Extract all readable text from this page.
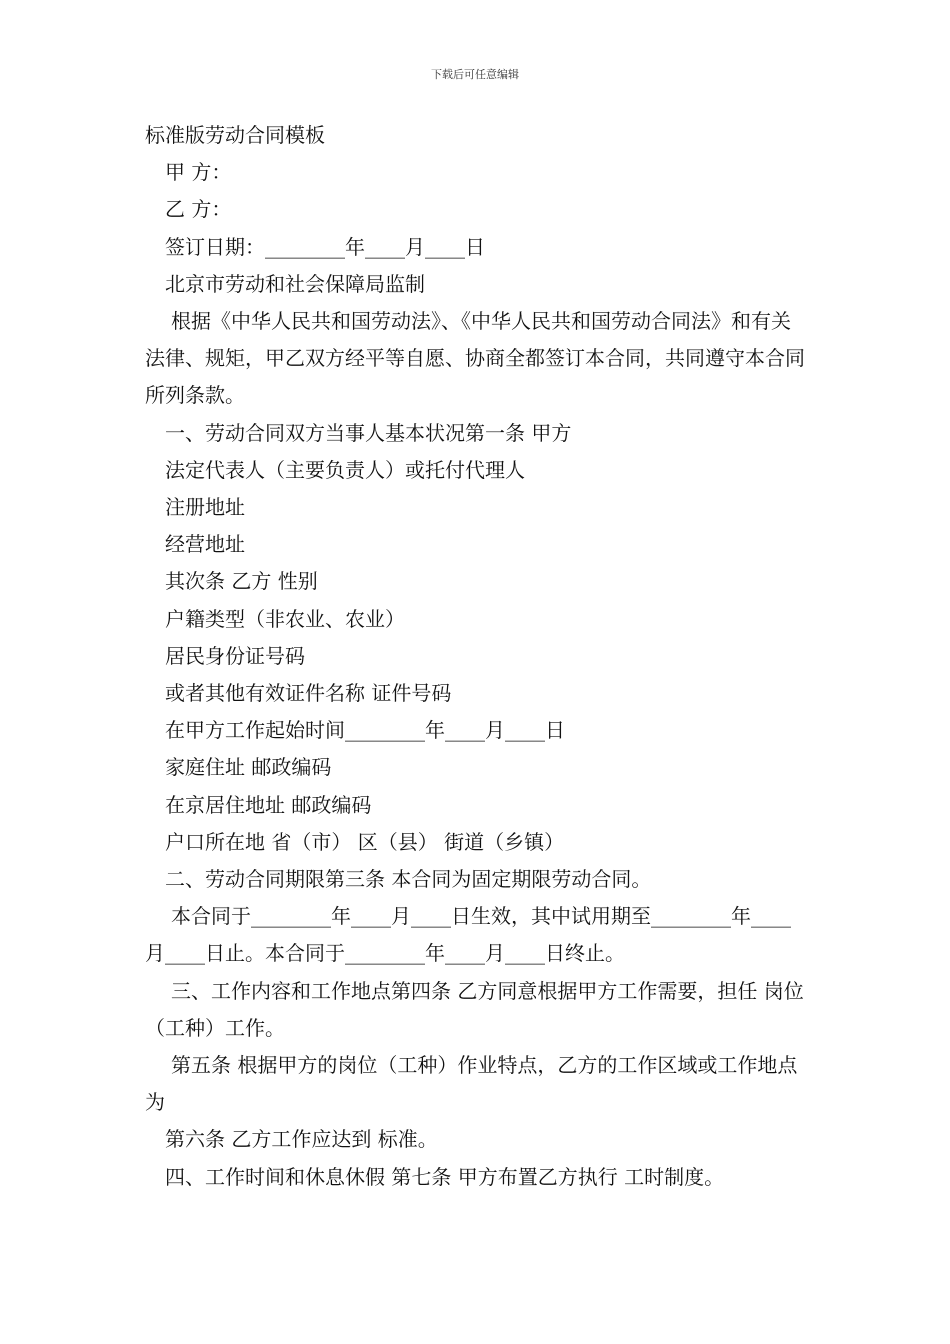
下载后可任意编辑
标准版劳动合同模板
甲 方：
乙 方：
签订日期：________年____月____日
北京市劳动和社会保障局监制
根据《中华人民共和国劳动法》、《中华人民共和国劳动合同法》和有关法律、规矩，甲乙双方经平等自愿、协商全都签订本合同，共同遵守本合同所列条款。
一、劳动合同双方当事人基本状况第一条 甲方
法定代表人（主要负责人）或托付代理人
注册地址
经营地址
其次条 乙方 性别
户籍类型（非农业、农业）
居民身份证号码
或者其他有效证件名称 证件号码
在甲方工作起始时间________年____月____日
家庭住址 邮政编码
在京居住地址 邮政编码
户口所在地 省（市） 区（县） 街道（乡镇）
二、劳动合同期限第三条 本合同为固定期限劳动合同。
本合同于________年____月____日生效，其中试用期至________年____月____日止。本合同于________年____月____日终止。
三、工作内容和工作地点第四条 乙方同意根据甲方工作需要，担任 岗位（工种）工作。
第五条 根据甲方的岗位（工种）作业特点，乙方的工作区域或工作地点为
第六条 乙方工作应达到 标准。
四、工作时间和休息休假 第七条 甲方布置乙方执行 工时制度。
